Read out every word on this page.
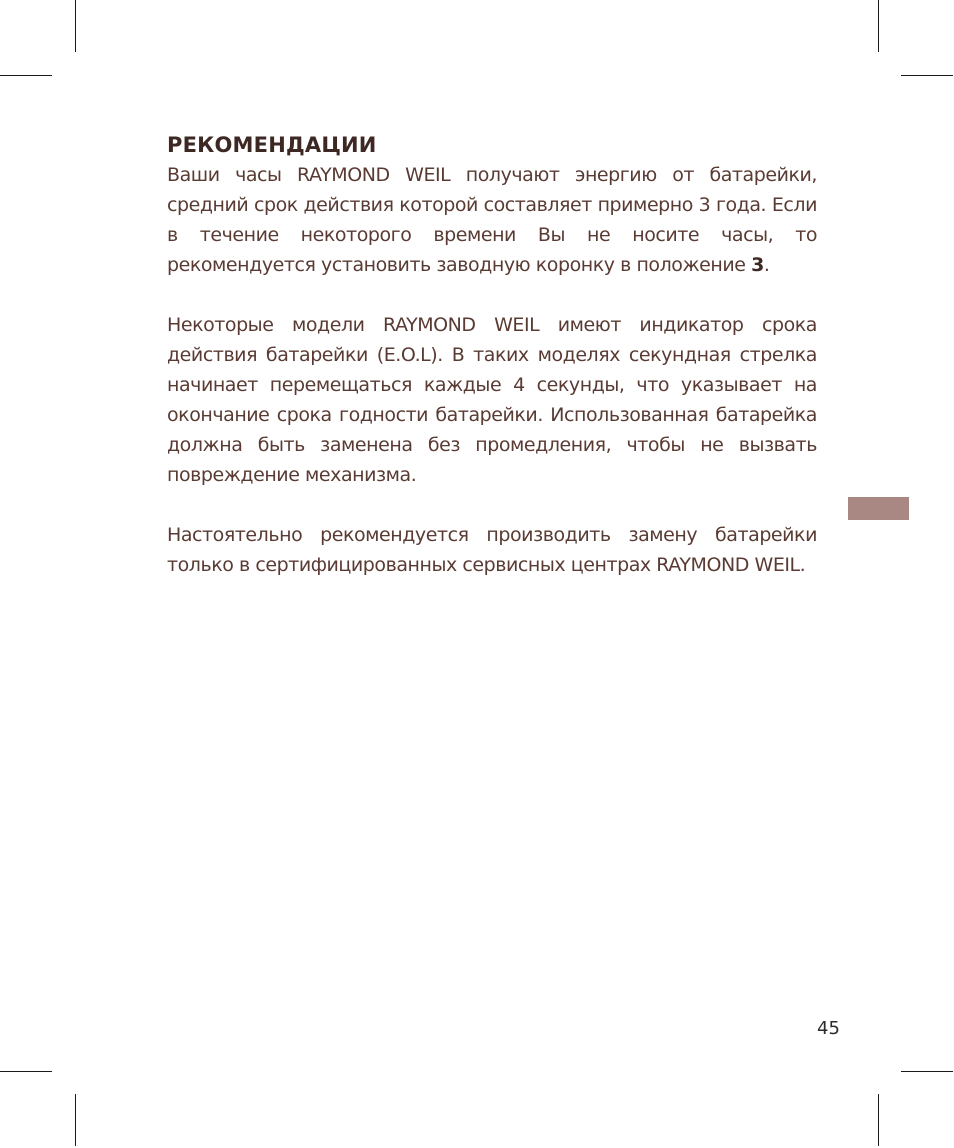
РЕКОМЕНДАЦИИ

Ваши часы RAYMOND WEIL получают энергию от батарейки, средний срок действия которой составляет примерно 3 года. Если в течение некоторого времени Вы не носите часы, то рекомендуется установить заводную коронку в положение 3.

Некоторые модели RAYMOND WEIL имеют индикатор срока действия батарейки (E.O.L). В таких моделях секундная стрелка начинает перемещаться каждые 4 секунды, что указывает на окончание срока годности батарейки. Использованная батарейка должна быть заменена без промедления, чтобы не вызвать повреждение механизма.

Настоятельно рекомендуется производить замену батарейки только в сертифицированных сервисных центрах RAYMOND WEIL.

45
